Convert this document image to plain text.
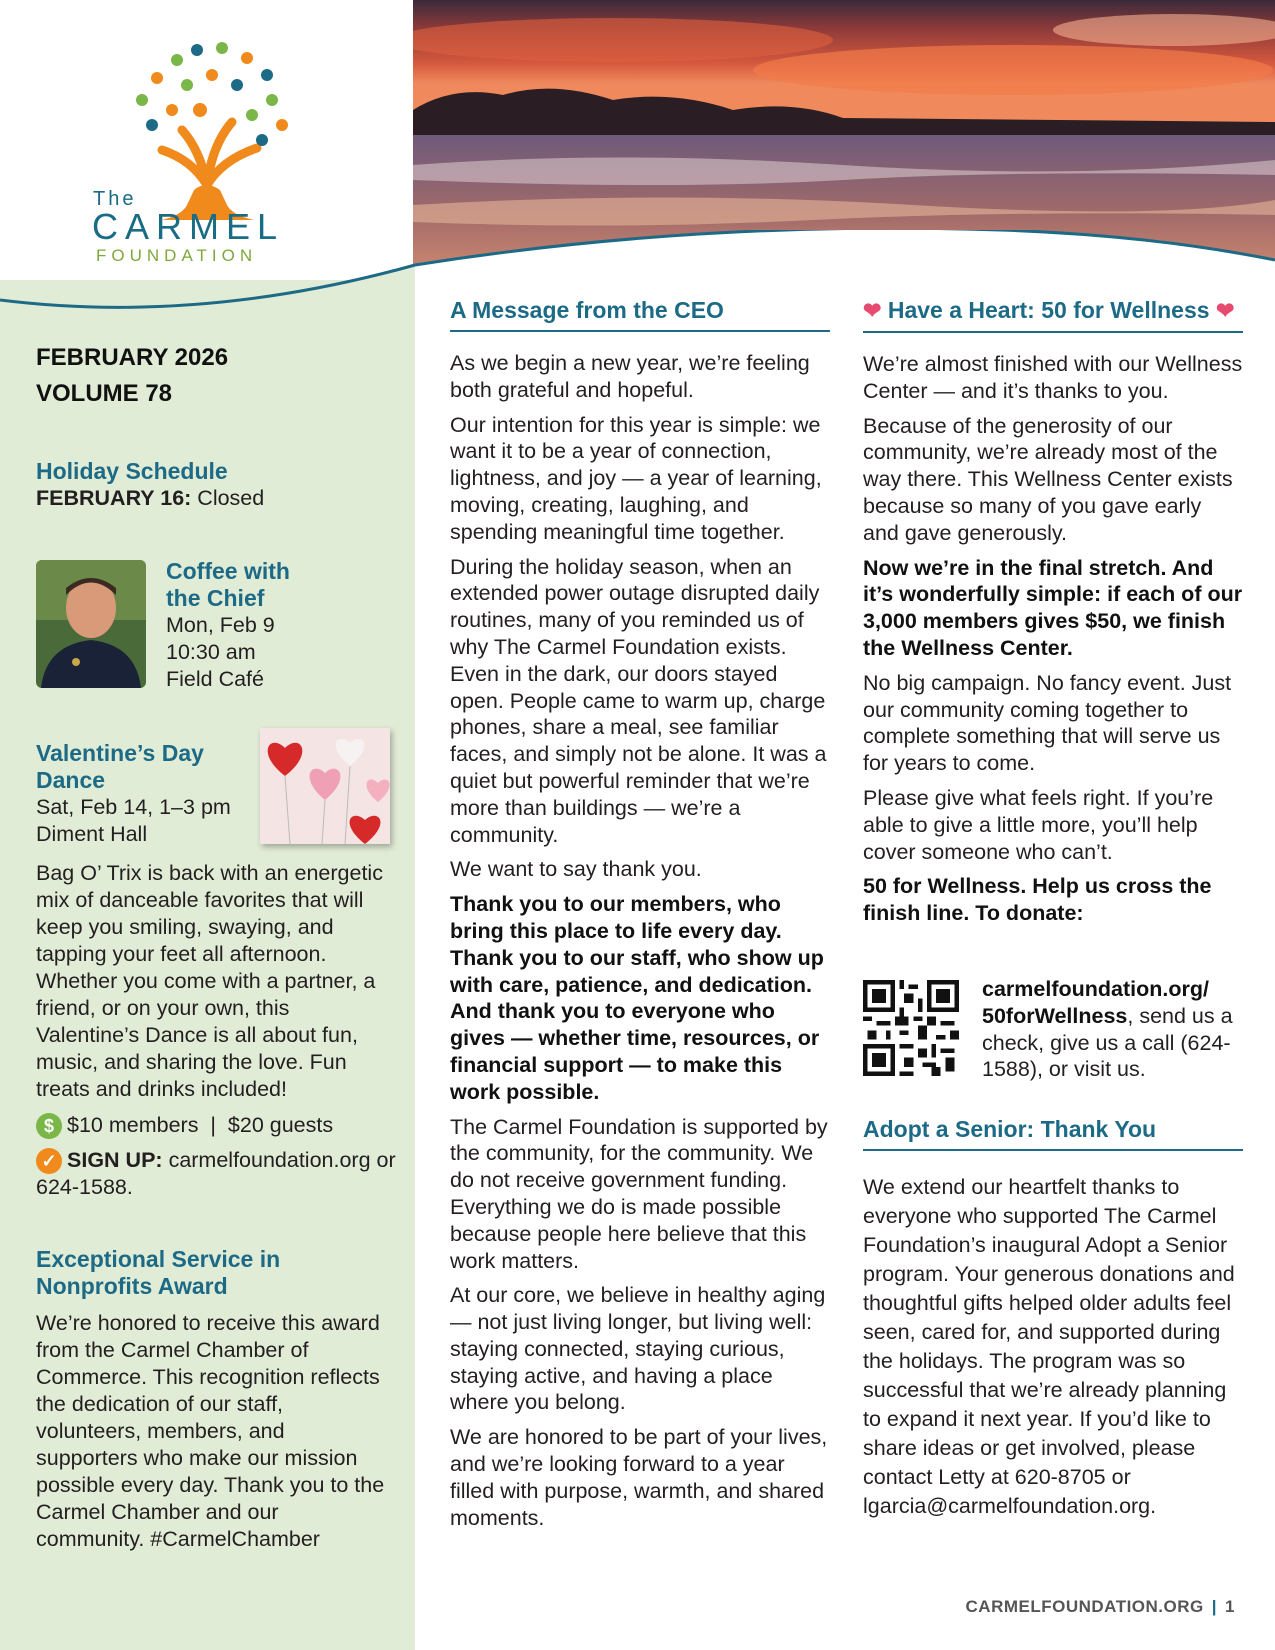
The
CARMEL
FOUNDATION
FEBRUARY 2026
VOLUME 78
Holiday Schedule
FEBRUARY 16: Closed
Coffee with
the Chief
Mon, Feb 9
10:30 am
Field Café
Valentine’s Day
Dance
Sat, Feb 14, 1–3 pm
Diment Hall
Bag O’ Trix is back with an energetic mix of danceable favorites that will keep you smiling, swaying, and tapping your feet all afternoon. Whether you come with a partner, a friend, or on your own, this Valentine’s Dance is all about fun, music, and sharing the love. Fun treats and drinks included!
$ $10 members  |  $20 guests
✓ SIGN UP: carmelfoundation.org or 624-1588.
Exceptional Service in
Nonprofits Award
We’re honored to receive this award from the Carmel Chamber of Commerce. This recognition reflects the dedication of our staff, volunteers, members, and supporters who make our mission possible every day. Thank you to the Carmel Chamber and our community. #CarmelChamber
A Message from the CEO

As we begin a new year, we’re feeling both grateful and hopeful.

Our intention for this year is simple: we want it to be a year of connection, lightness, and joy — a year of learning, moving, creating, laughing, and spending meaningful time together.

During the holiday season, when an extended power outage disrupted daily routines, many of you reminded us of why The Carmel Foundation exists. Even in the dark, our doors stayed open. People came to warm up, charge phones, share a meal, see familiar faces, and simply not be alone. It was a quiet but powerful reminder that we’re more than buildings — we’re a community.

We want to say thank you.

Thank you to our members, who bring this place to life every day. Thank you to our staff, who show up with care, patience, and dedication. And thank you to everyone who gives — whether time, resources, or financial support — to make this work possible.

The Carmel Foundation is supported by the community, for the community. We do not receive government funding. Everything we do is made possible because people here believe that this work matters.

At our core, we believe in healthy aging — not just living longer, but living well: staying connected, staying curious, staying active, and having a place where you belong.

We are honored to be part of your lives, and we’re looking forward to a year filled with purpose, warmth, and shared moments.

❤ Have a Heart: 50 for Wellness ❤

We’re almost finished with our Wellness Center — and it’s thanks to you.

Because of the generosity of our community, we’re already most of the way there. This Wellness Center exists because so many of you gave early and gave generously.

Now we’re in the final stretch. And it’s wonderfully simple: if each of our 3,000 members gives $50, we finish the Wellness Center.

No big campaign. No fancy event. Just our community coming together to complete something that will serve us for years to come.

Please give what feels right. If you’re able to give a little more, you’ll help cover someone who can’t.

50 for Wellness. Help us cross the finish line. To donate:

carmelfoundation.org/
50forWellness, send us a check, give us a call (624-1588), or visit us.

Adopt a Senior: Thank You

We extend our heartfelt thanks to everyone who supported The Carmel Foundation’s inaugural Adopt a Senior program. Your generous donations and thoughtful gifts helped older adults feel seen, cared for, and supported during the holidays. The program was so successful that we’re already planning to expand it next year. If you’d like to share ideas or get involved, please contact Letty at 620-8705 or lgarcia@carmelfoundation.org.

CARMELFOUNDATION.ORG | 1
